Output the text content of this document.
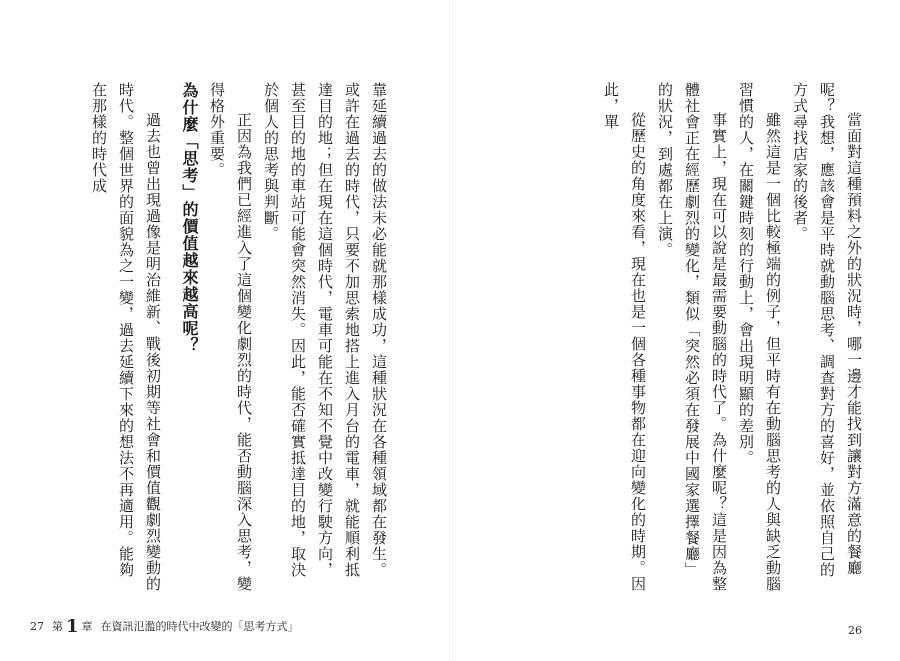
當面對這種預料之外的狀況時，哪一邊才能找到讓對方滿意的餐廳呢？我想，應該會是平時就動腦思考、調查對方的喜好，並依照自己的方式尋找店家的後者。

雖然這是一個比較極端的例子，但平時有在動腦思考的人與缺乏動腦習慣的人，在關鍵時刻的行動上，會出現明顯的差別。

事實上，現在可以說是最需要動腦的時代了。為什麼呢？這是因為整體社會正在經歷劇烈的變化，類似「突然必須在發展中國家選擇餐廳」的狀況，到處都在上演。

從歷史的角度來看，現在也是一個各種事物都在迎向變化的時期。因此，單

靠延續過去的做法未必能就那樣成功，這種狀況在各種領域都在發生。或許在過去的時代，只要不加思索地搭上進入月台的電車，就能順利抵達目的地；但在現在這個時代，電車可能在不知不覺中改變行駛方向，甚至目的地的車站可能會突然消失。因此，能否確實抵達目的地，取決於個人的思考與判斷。

正因為我們已經進入了這個變化劇烈的時代，能否動腦深入思考，變得格外重要。

為什麼「思考」的價值越來越高呢？

過去也曾出現過像是明治維新、戰後初期等社會和價值觀劇烈變動的時代。整個世界的面貌為之一變，過去延續下來的想法不再適用。能夠在那樣的時代成

27 第 1 章 在資訊氾濫的時代中改變的「思考方式」	26
